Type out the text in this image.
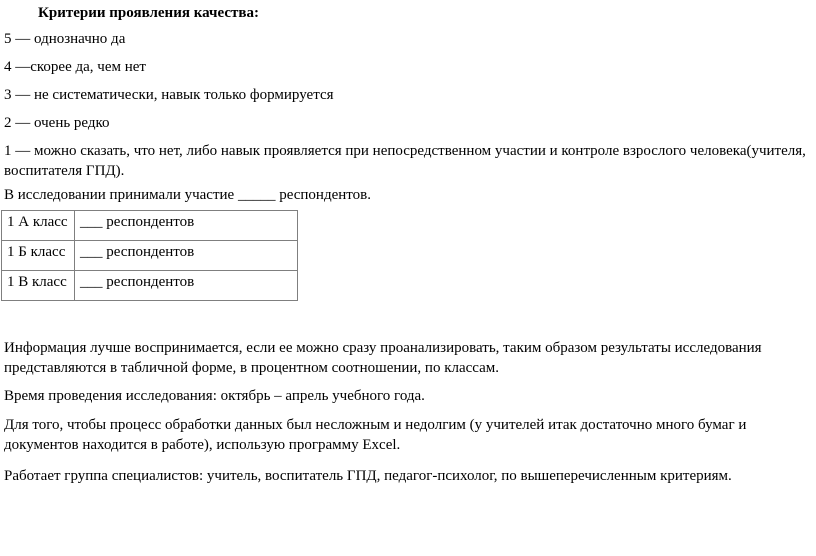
Критерии проявления качества:
5 — однозначно да
4 —скорее да, чем нет
3 — не систематически, навык только формируется
2 — очень редко
1 — можно сказать, что нет, либо навык проявляется при непосредственном участии и контроле взрослого человека(учителя, воспитателя ГПД).
В исследовании принимали участие _____ респондентов.
1 А класс	___ респондентов
1 Б класс	___ респондентов
1 В класс	___ респондентов
Информация лучше воспринимается, если ее можно сразу проанализировать, таким образом результаты исследования представляются в табличной форме, в процентном соотношении, по классам.
Время проведения исследования: октябрь – апрель учебного года.
Для того, чтобы процесс обработки данных был несложным и недолгим (у учителей итак достаточно много бумаг и документов находится в работе), использую программу Excel.
Работает группа специалистов: учитель, воспитатель ГПД, педагог-психолог, по вышеперечисленным критериям.
